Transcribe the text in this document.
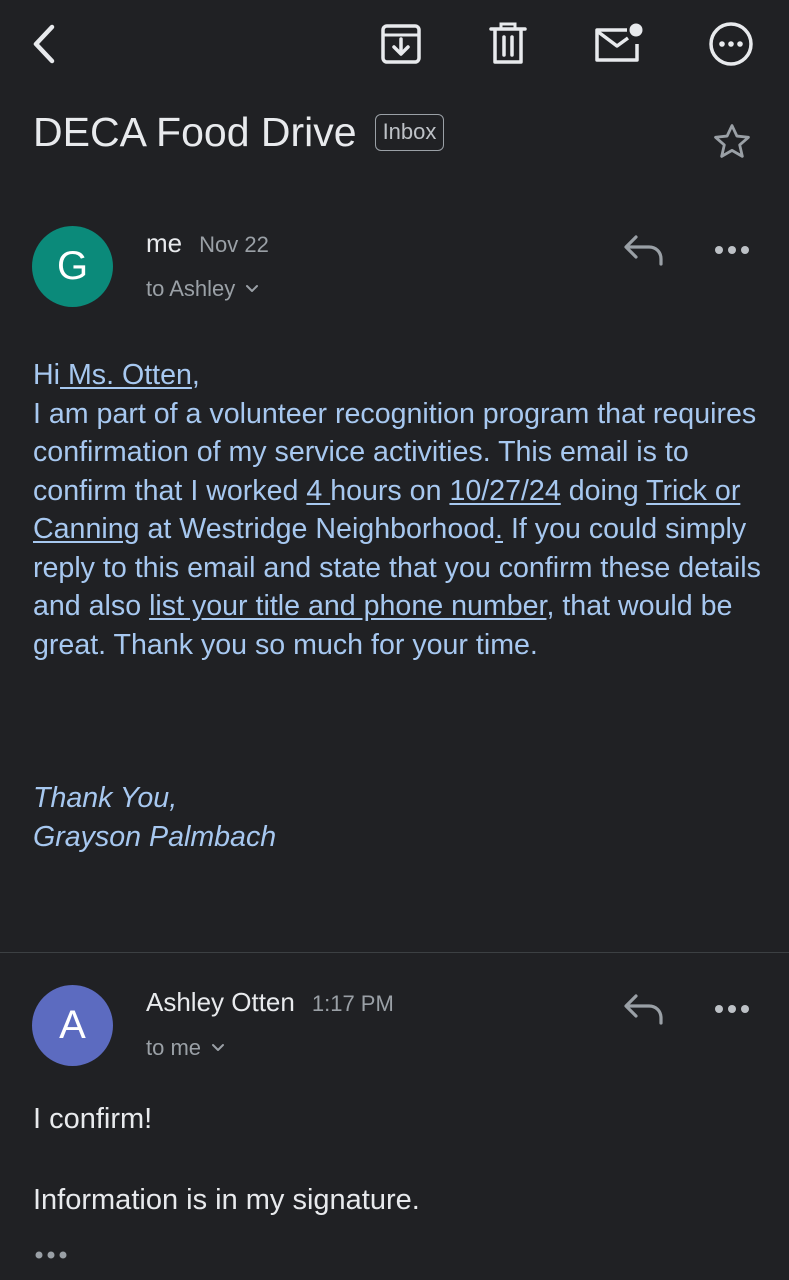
DECA Food Drive	Inbox
G
me Nov 22
to Ashley

Hi Ms. Otten,

I am part of a volunteer recognition program that requires confirmation of my service activities. This email is to confirm that I worked 4 hours on 10/27/24 doing Trick or Canning at Westridge Neighborhood. If you could simply reply to this email and state that you confirm these details and also list your title and phone number, that would be great. Thank you so much for your time.

Thank You,
Grayson Palmbach
A
Ashley Otten 1:17 PM
to me
I confirm!
Information is in my signature.
